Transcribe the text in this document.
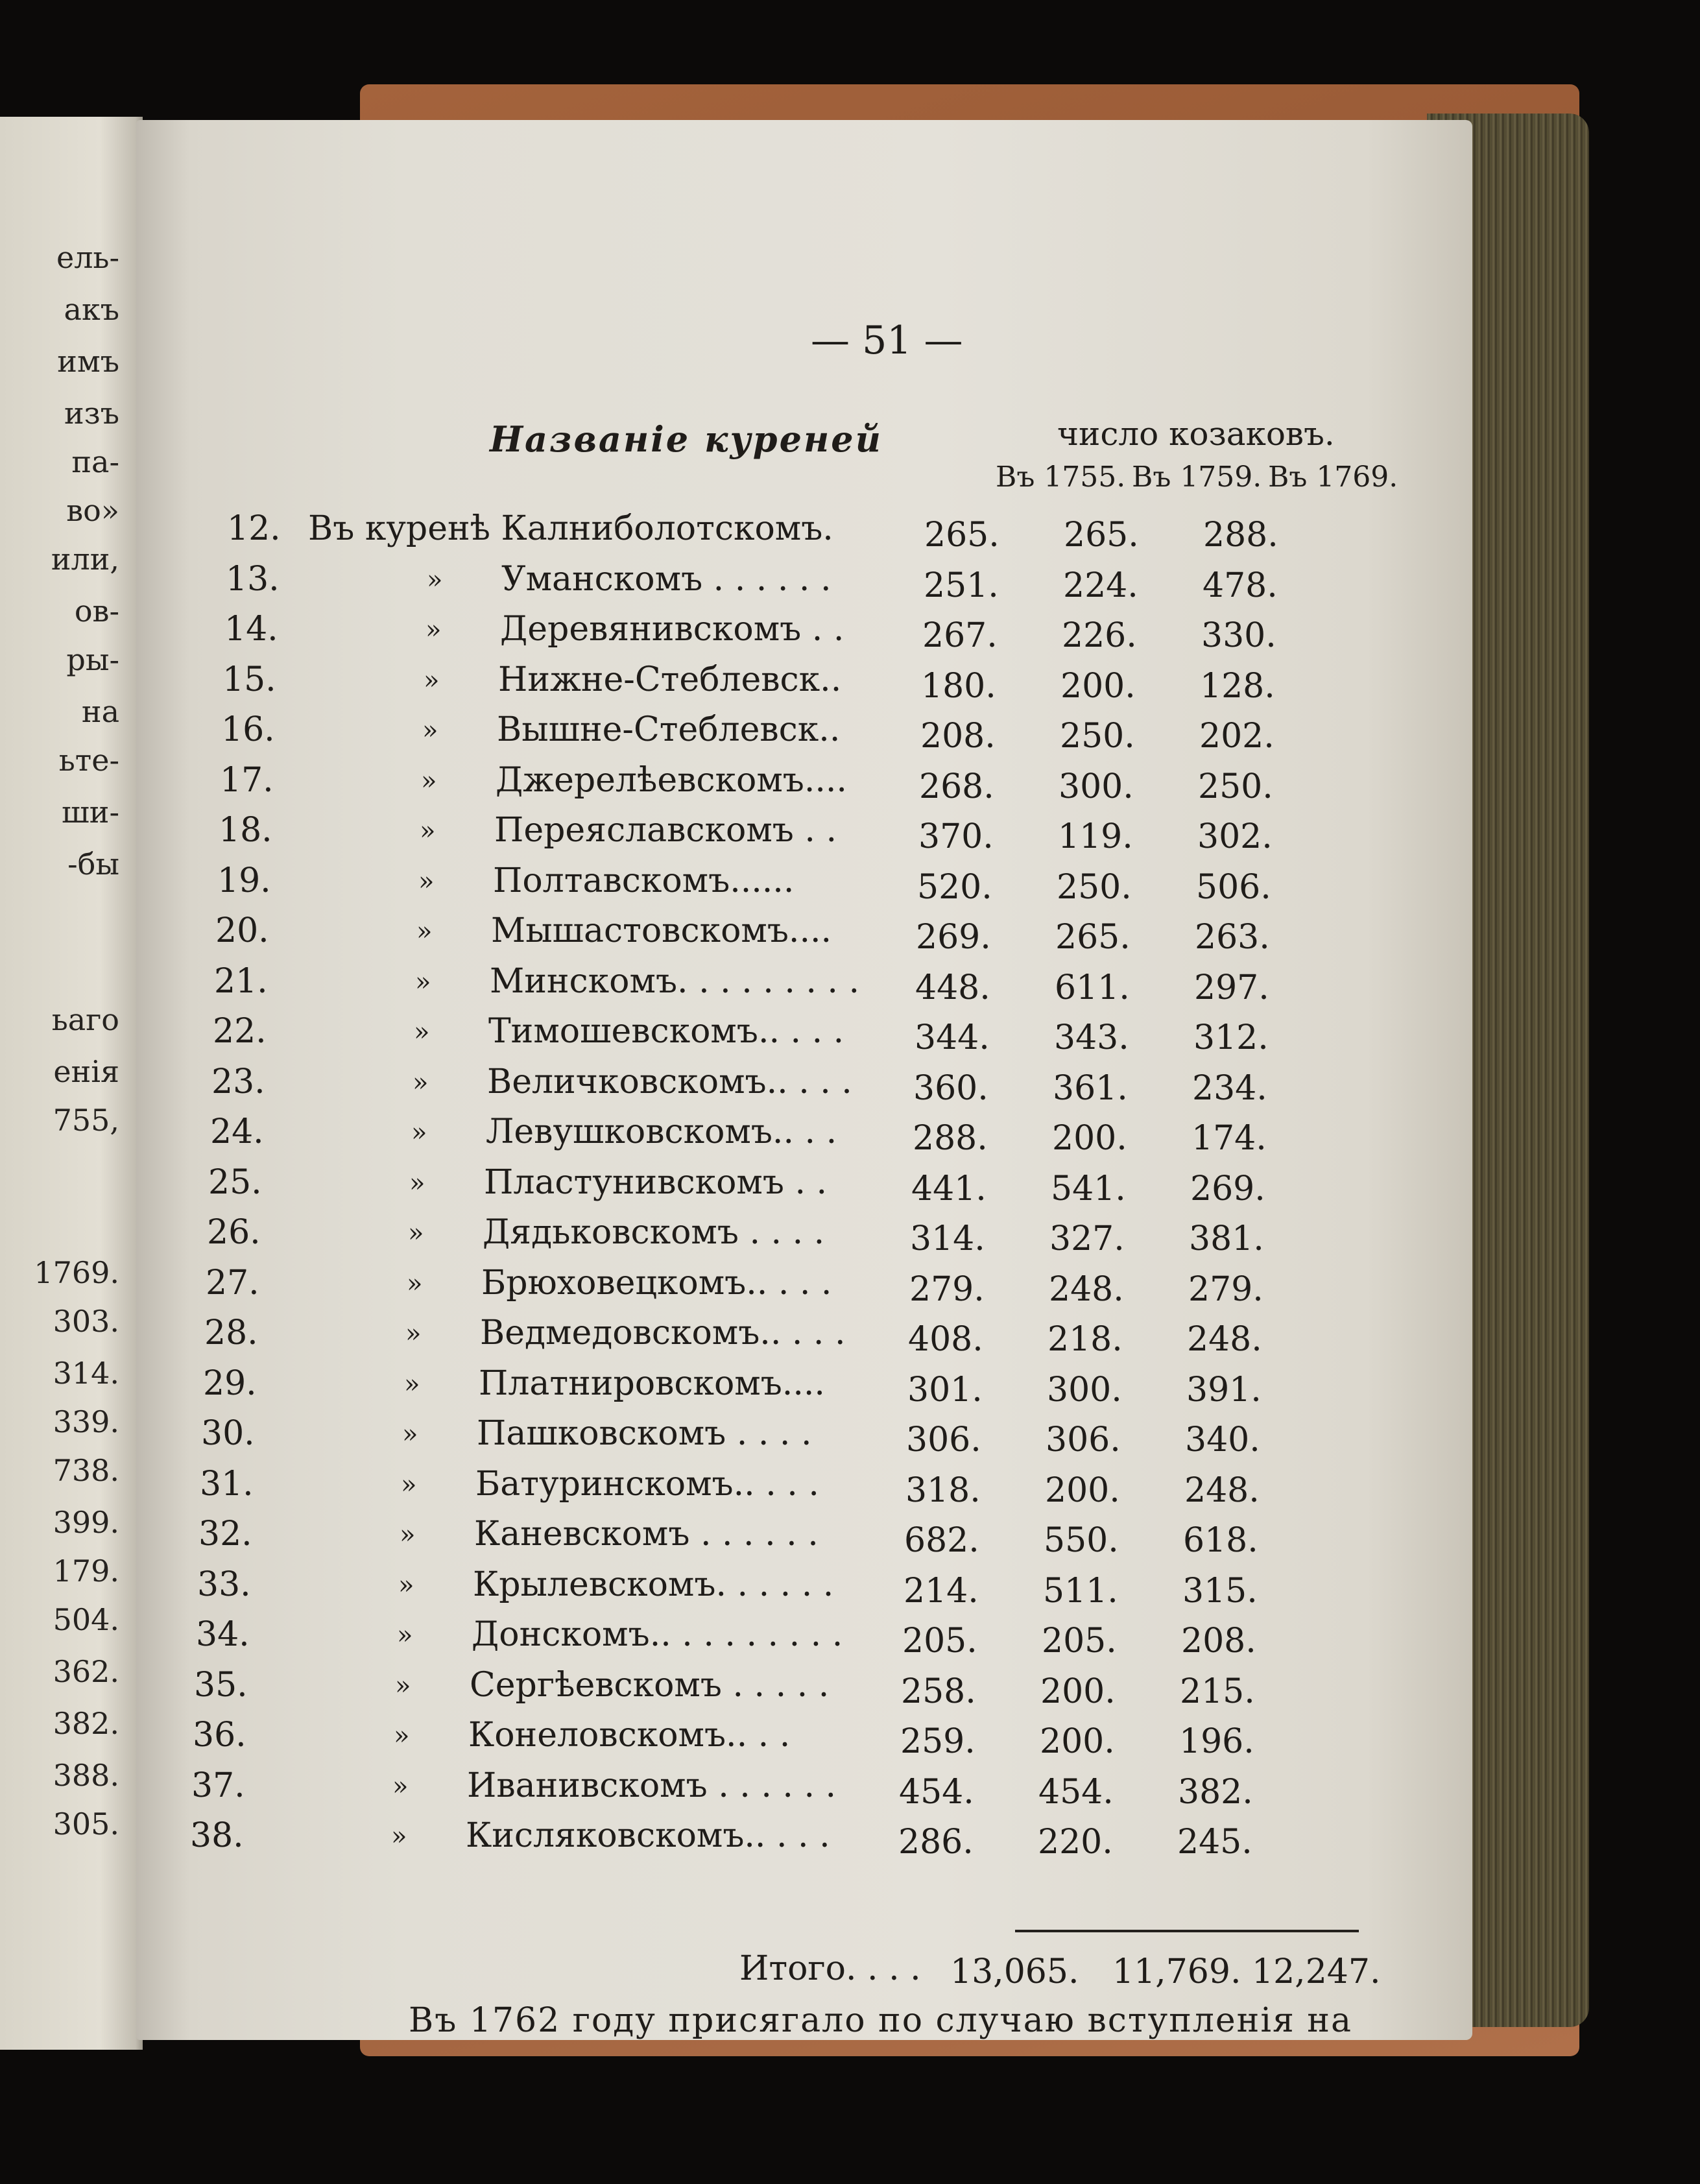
ель-
акъ
имъ
изъ
па-
во»
или,
ов-
ры-
на
ьте-
ши-
-бы
ьаго
енія
755,
1769.
303.
314.
339.
738.
399.
179.
504.
362.
382.
388.
305.
— 51 —
Названіе куреней	число козаковъ.
Въ 1755. Въ 1759. Въ 1769.
Итого. . . . 13,065. 11,769. 12,247.
Въ 1762 году присягало по случаю вступленія на
12. Въ куренѣ Калниболотскомъ.	265. 265. 288.
13.	» Уманскомъ . . . . . .	251. 224. 478.
14.	» Деревянивскомъ . . 267. 226. 330.
15.	» Нижне-Стеблевск.. 180. 200. 128.
16.	» Вышне-Стеблевск.. 208. 250. 202.
17.	» Джерелѣевскомъ.... 268. 300. 250.
18.	» Переяславскомъ . . 370. 119. 302.
19.	» Полтавскомъ......	520. 250. 506.
20.	» Мышастовскомъ.... 269. 265. 263.
21.	» Минскомъ. . . . . . . . . 448. 611. 297.
22.	» Тимошевскомъ.. . . . 344. 343. 312.
23.	» Величковскомъ.. . . . 360. 361. 234.
24.	» Левушковскомъ.. . . 288. 200. 174.
25.	» Пластунивскомъ . . 441. 541. 269.
26.	» Дядьковскомъ . . . .	314. 327. 381.
27.	» Брюховецкомъ.. . . . 279. 248. 279.
28.	» Ведмедовскомъ.. . . . 408. 218. 248.
29.	» Платнировскомъ.... 301. 300. 391.
30.	» Пашковскомъ . . . .	306. 306. 340.
31.	» Батуринскомъ.. . . .	318. 200. 248.
32.	» Каневскомъ . . . . . .	682. 550. 618.
33.	» Крылевскомъ. . . . . . 214. 511. 315.
34.	» Донскомъ.. . . . . . . . . 205. 205. 208.
35.	» Сергѣевскомъ . . . . . 258. 200. 215.
36.	» Конеловскомъ.. . .	259. 200. 196.
37.	» Иванивскомъ . . . . . . 454. 454. 382.
38.	» Кисляковскомъ.. . . . 286. 220. 245.
